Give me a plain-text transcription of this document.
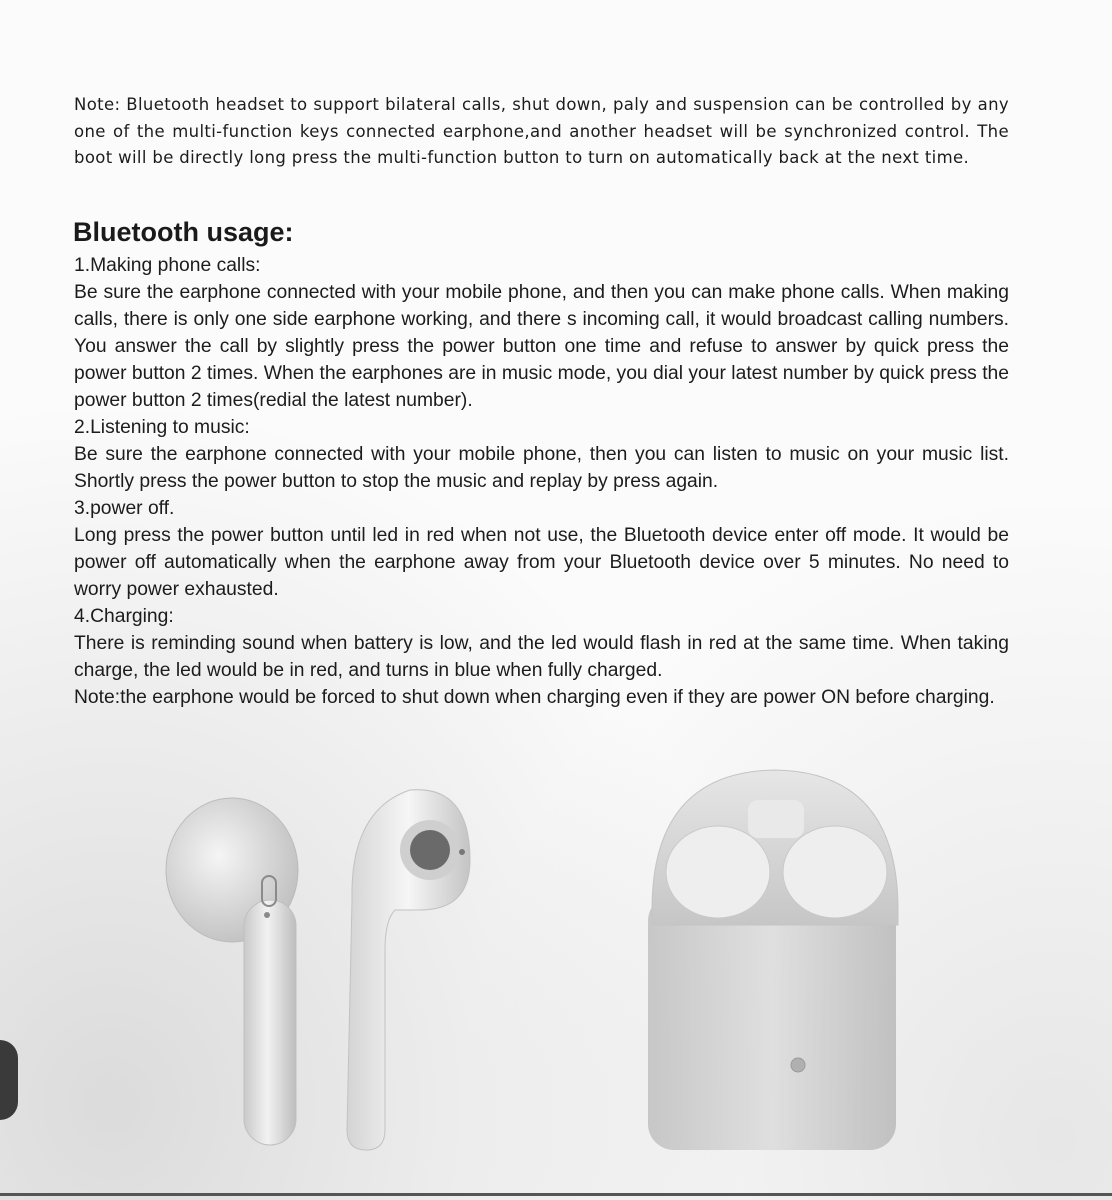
Note: Bluetooth headset to support bilateral calls, shut down, paly and suspension can be controlled by any one of the multi-function keys connected earphone,and another headset will be synchronized control. The boot will be directly long press the multi-function button to turn on automatically back at the next time.

Bluetooth usage:

1.Making phone calls:

Be sure the earphone connected with your mobile phone, and then you can make phone calls. When making calls, there is only one side earphone working, and there s incoming call, it would broadcast calling numbers. You answer the call by slightly press the power button one time and refuse to answer by quick press the power button 2 times. When the earphones are in music mode, you dial your latest number by quick press the power button 2 times(redial the latest number).

2.Listening to music:

Be sure the earphone connected with your mobile phone, then you can listen to music on your music list. Shortly press the power button to stop the music and replay by press again.

3.power off.

Long press the power button until led in red when not use, the Bluetooth device enter off mode. It would be power off automatically when the earphone away from your Bluetooth device over 5 minutes. No need to worry power exhausted.

4.Charging:

There is reminding sound when battery is low, and the led would flash in red at the same time. When taking charge, the led would be in red, and turns in blue when fully charged.

Note:the earphone would be forced to shut down when charging even if they are power ON before charging.
